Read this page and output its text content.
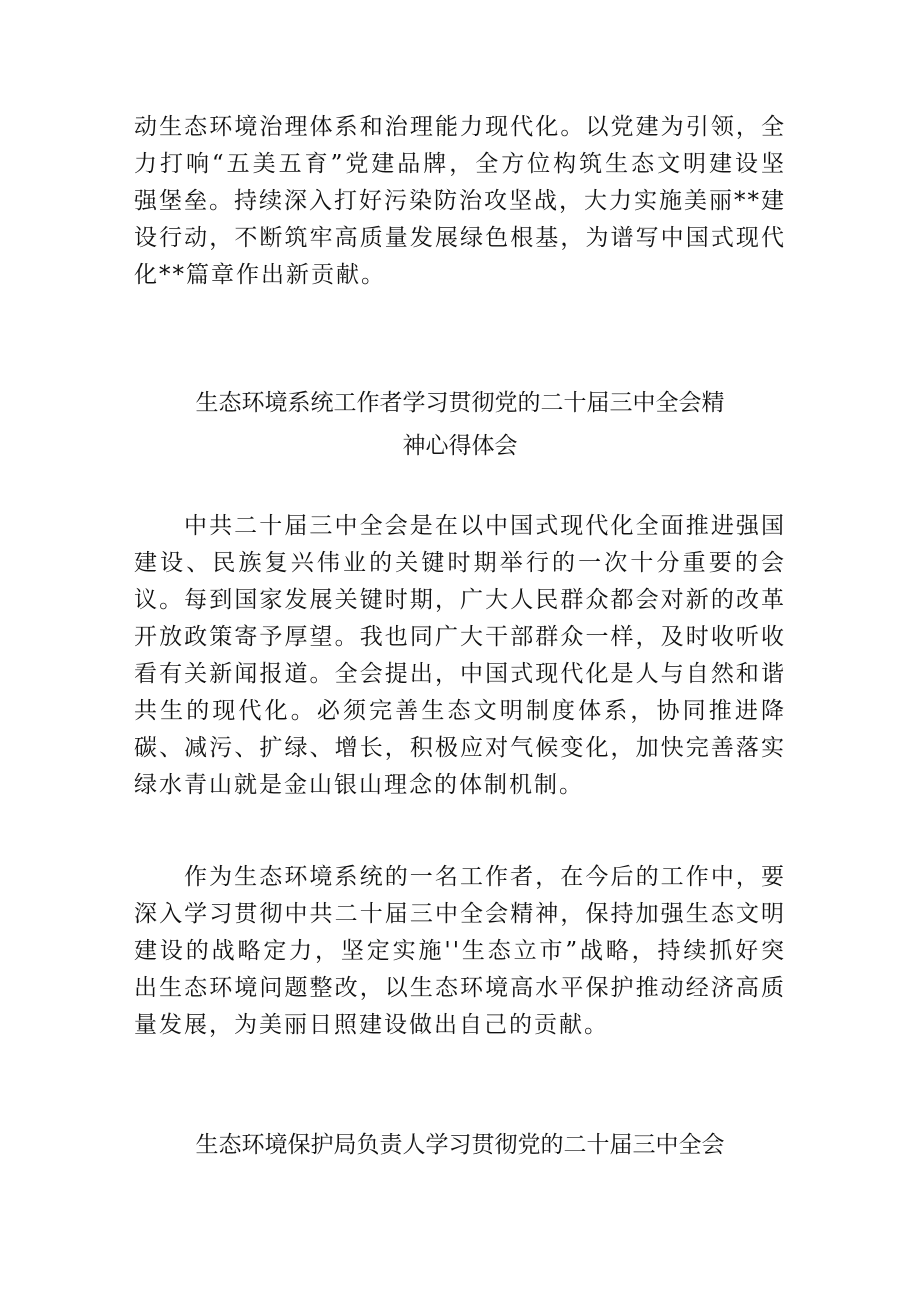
动生态环境治理体系和治理能力现代化。以党建为引领，全力打响“五美五育”党建品牌，全方位构筑生态文明建设坚强堡垒。持续深入打好污染防治攻坚战，大力实施美丽**建设行动，不断筑牢高质量发展绿色根基，为谱写中国式现代化**篇章作出新贡献。

生态环境系统工作者学习贯彻党的二十届三中全会精
神心得体会

中共二十届三中全会是在以中国式现代化全面推进强国建设、民族复兴伟业的关键时期举行的一次十分重要的会议。每到国家发展关键时期，广大人民群众都会对新的改革开放政策寄予厚望。我也同广大干部群众一样，及时收听收看有关新闻报道。全会提出，中国式现代化是人与自然和谐共生的现代化。必须完善生态文明制度体系，协同推进降碳、减污、扩绿、增长，积极应对气候变化，加快完善落实绿水青山就是金山银山理念的体制机制。

作为生态环境系统的一名工作者，在今后的工作中，要深入学习贯彻中共二十届三中全会精神，保持加强生态文明建设的战略定力，坚定实施''生态立市”战略，持续抓好突出生态环境问题整改，以生态环境高水平保护推动经济高质量发展，为美丽日照建设做出自己的贡献。

生态环境保护局负责人学习贯彻党的二十届三中全会
